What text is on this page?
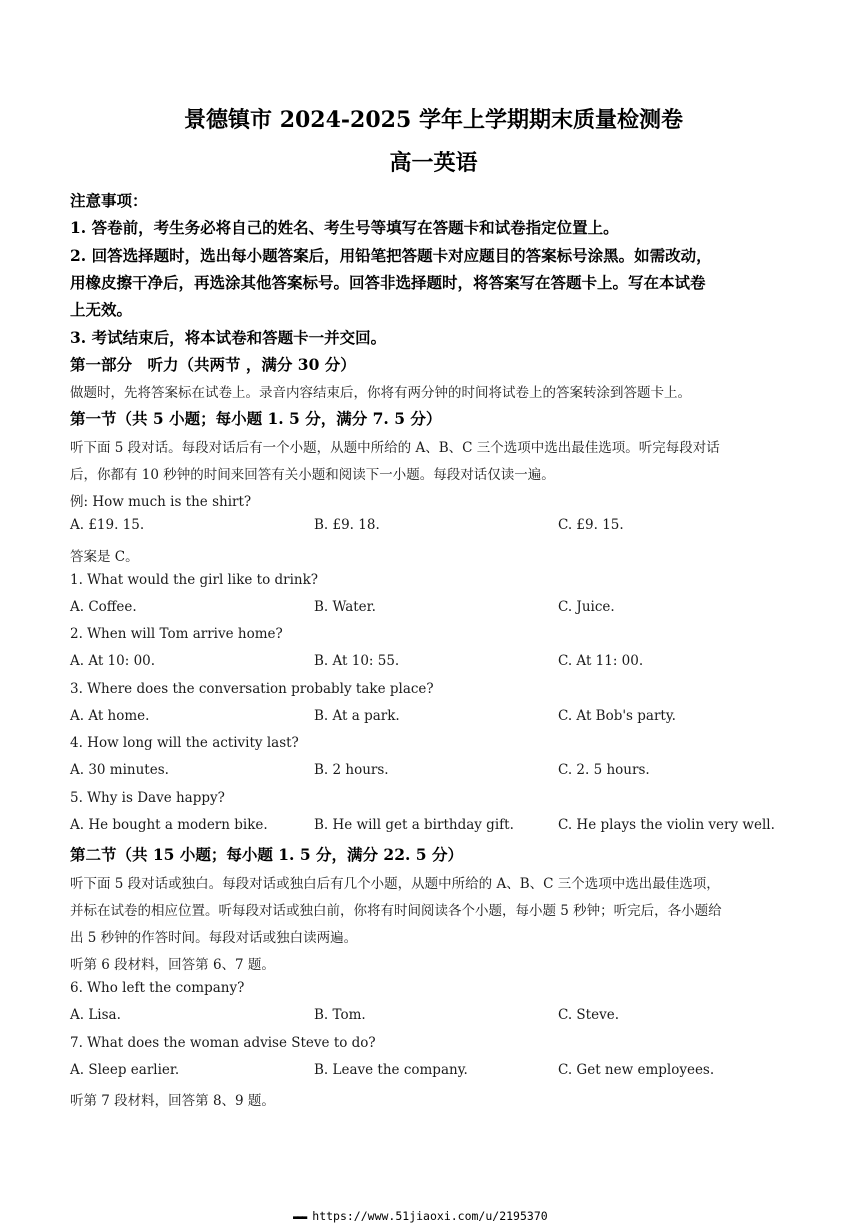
景德镇市 2024-2025 学年上学期期末质量检测卷
高一英语
注意事项：
1. 答卷前，考生务必将自己的姓名、考生号等填写在答题卡和试卷指定位置上。
2. 回答选择题时，选出每小题答案后，用铅笔把答题卡对应题目的答案标号涂黑。如需改动，
用橡皮擦干净后，再选涂其他答案标号。回答非选择题时，将答案写在答题卡上。写在本试卷
上无效。
3. 考试结束后，将本试卷和答题卡一并交回。
第一部分　听力（共两节 ，满分 30 分）
做题时，先将答案标在试卷上。录音内容结束后，你将有两分钟的时间将试卷上的答案转涂到答题卡上。
第一节（共 5 小题；每小题 1. 5 分，满分 7. 5 分）
听下面 5 段对话。每段对话后有一个小题，从题中所给的 A、B、C 三个选项中选出最佳选项。听完每段对话
后，你都有 10 秒钟的时间来回答有关小题和阅读下一小题。每段对话仅读一遍。
例: How much is the shirt?
A. £19. 15.	B. £9. 18.	C. £9. 15.
答案是 C。
1. What would the girl like to drink?
A. Coffee.	B. Water.	C. Juice.
2. When will Tom arrive home?
A. At 10: 00.	B. At 10: 55.	C. At 11: 00.
3. Where does the conversation probably take place?
A. At home.	B. At a park.	C. At Bob's party.
4. How long will the activity last?
A. 30 minutes.	B. 2 hours.	C. 2. 5 hours.
5. Why is Dave happy?
A. He bought a modern bike.	B. He will get a birthday gift.	C. He plays the violin very well.
第二节（共 15 小题；每小题 1. 5 分，满分 22. 5 分）
听下面 5 段对话或独白。每段对话或独白后有几个小题，从题中所给的 A、B、C 三个选项中选出最佳选项，
并标在试卷的相应位置。听每段对话或独白前，你将有时间阅读各个小题，每小题 5 秒钟；听完后，各小题给
出 5 秒钟的作答时间。每段对话或独白读两遍。
听第 6 段材料，回答第 6、7 题。
6. Who left the company?
A. Lisa.	B. Tom.	C. Steve.
7. What does the woman advise Steve to do?
A. Sleep earlier.	B. Leave the company.	C. Get new employees.
听第 7 段材料，回答第 8、9 题。
▬▬▬ https://www.51jiaoxi.com/u/2195370
